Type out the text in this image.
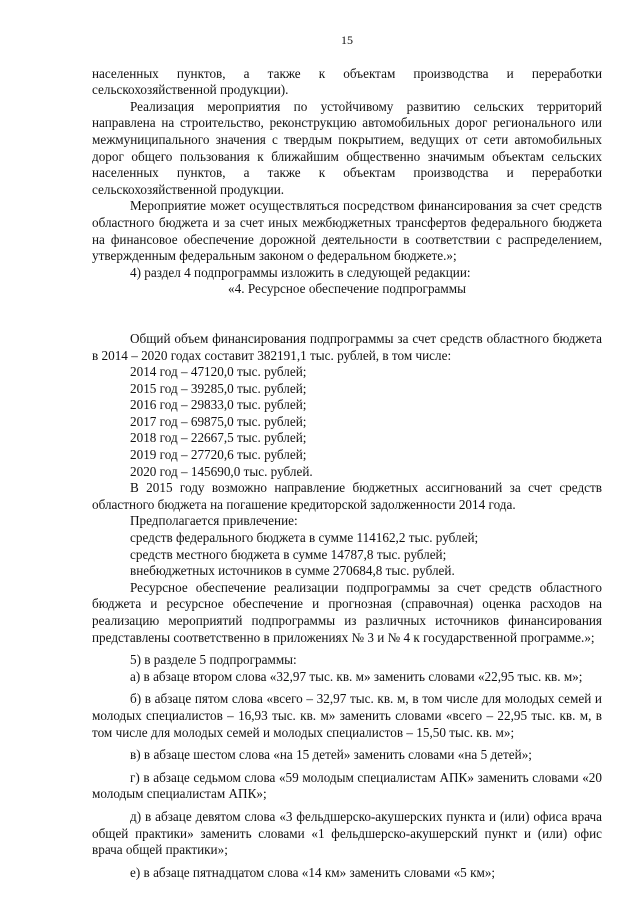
15

населенных пунктов, а также к объектам производства и переработки сельскохозяйственной продукции).

Реализация мероприятия по устойчивому развитию сельских территорий направлена на строительство, реконструкцию автомобильных дорог регионального или межмуниципального значения с твердым покрытием, ведущих от сети автомобильных дорог общего пользования к ближайшим общественно значимым объектам сельских населенных пунктов, а также к объектам производства и переработки сельскохозяйственной продукции.

Мероприятие может осуществляться посредством финансирования за счет средств областного бюджета и за счет иных межбюджетных трансфертов федерального бюджета на финансовое обеспечение дорожной деятельности в соответствии с распределением, утвержденным федеральным законом о федеральном бюджете.»;

4) раздел 4 подпрограммы изложить в следующей редакции:

«4. Ресурсное обеспечение подпрограммы

Общий объем финансирования подпрограммы за счет средств областного бюджета в 2014 – 2020 годах составит 382191,1 тыс. рублей, в том числе:

2014 год – 47120,0 тыс. рублей;

2015 год – 39285,0 тыс. рублей;

2016 год – 29833,0 тыс. рублей;

2017 год – 69875,0 тыс. рублей;

2018 год – 22667,5 тыс. рублей;

2019 год – 27720,6 тыс. рублей;

2020 год – 145690,0 тыс. рублей.

В 2015 году возможно направление бюджетных ассигнований за счет средств областного бюджета на погашение кредиторской задолженности 2014 года.

Предполагается привлечение:

средств федерального бюджета в сумме 114162,2 тыс. рублей;

средств местного бюджета в сумме 14787,8 тыс. рублей;

внебюджетных источников в сумме 270684,8 тыс. рублей.

Ресурсное обеспечение реализации подпрограммы за счет средств областного бюджета и ресурсное обеспечение и прогнозная (справочная) оценка расходов на реализацию мероприятий подпрограммы из различных источников финансирования представлены соответственно в приложениях № 3 и № 4 к государственной программе.»;

5) в разделе 5 подпрограммы:

а) в абзаце втором слова «32,97 тыс. кв. м» заменить словами «22,95 тыс. кв. м»;

б) в абзаце пятом слова «всего – 32,97 тыс. кв. м, в том числе для молодых семей и молодых специалистов – 16,93 тыс. кв. м» заменить словами «всего – 22,95 тыс. кв. м, в том числе для молодых семей и молодых специалистов – 15,50 тыс. кв. м»;

в) в абзаце шестом слова «на 15 детей» заменить словами «на 5 детей»;

г) в абзаце седьмом слова «59 молодым специалистам АПК» заменить словами «20 молодым специалистам АПК»;

д) в абзаце девятом слова «3 фельдшерско-акушерских пункта и (или) офиса врача общей практики» заменить словами «1 фельдшерско-акушерский пункт и (или) офис врача общей практики»;

е) в абзаце пятнадцатом слова «14 км» заменить словами «5 км»;
